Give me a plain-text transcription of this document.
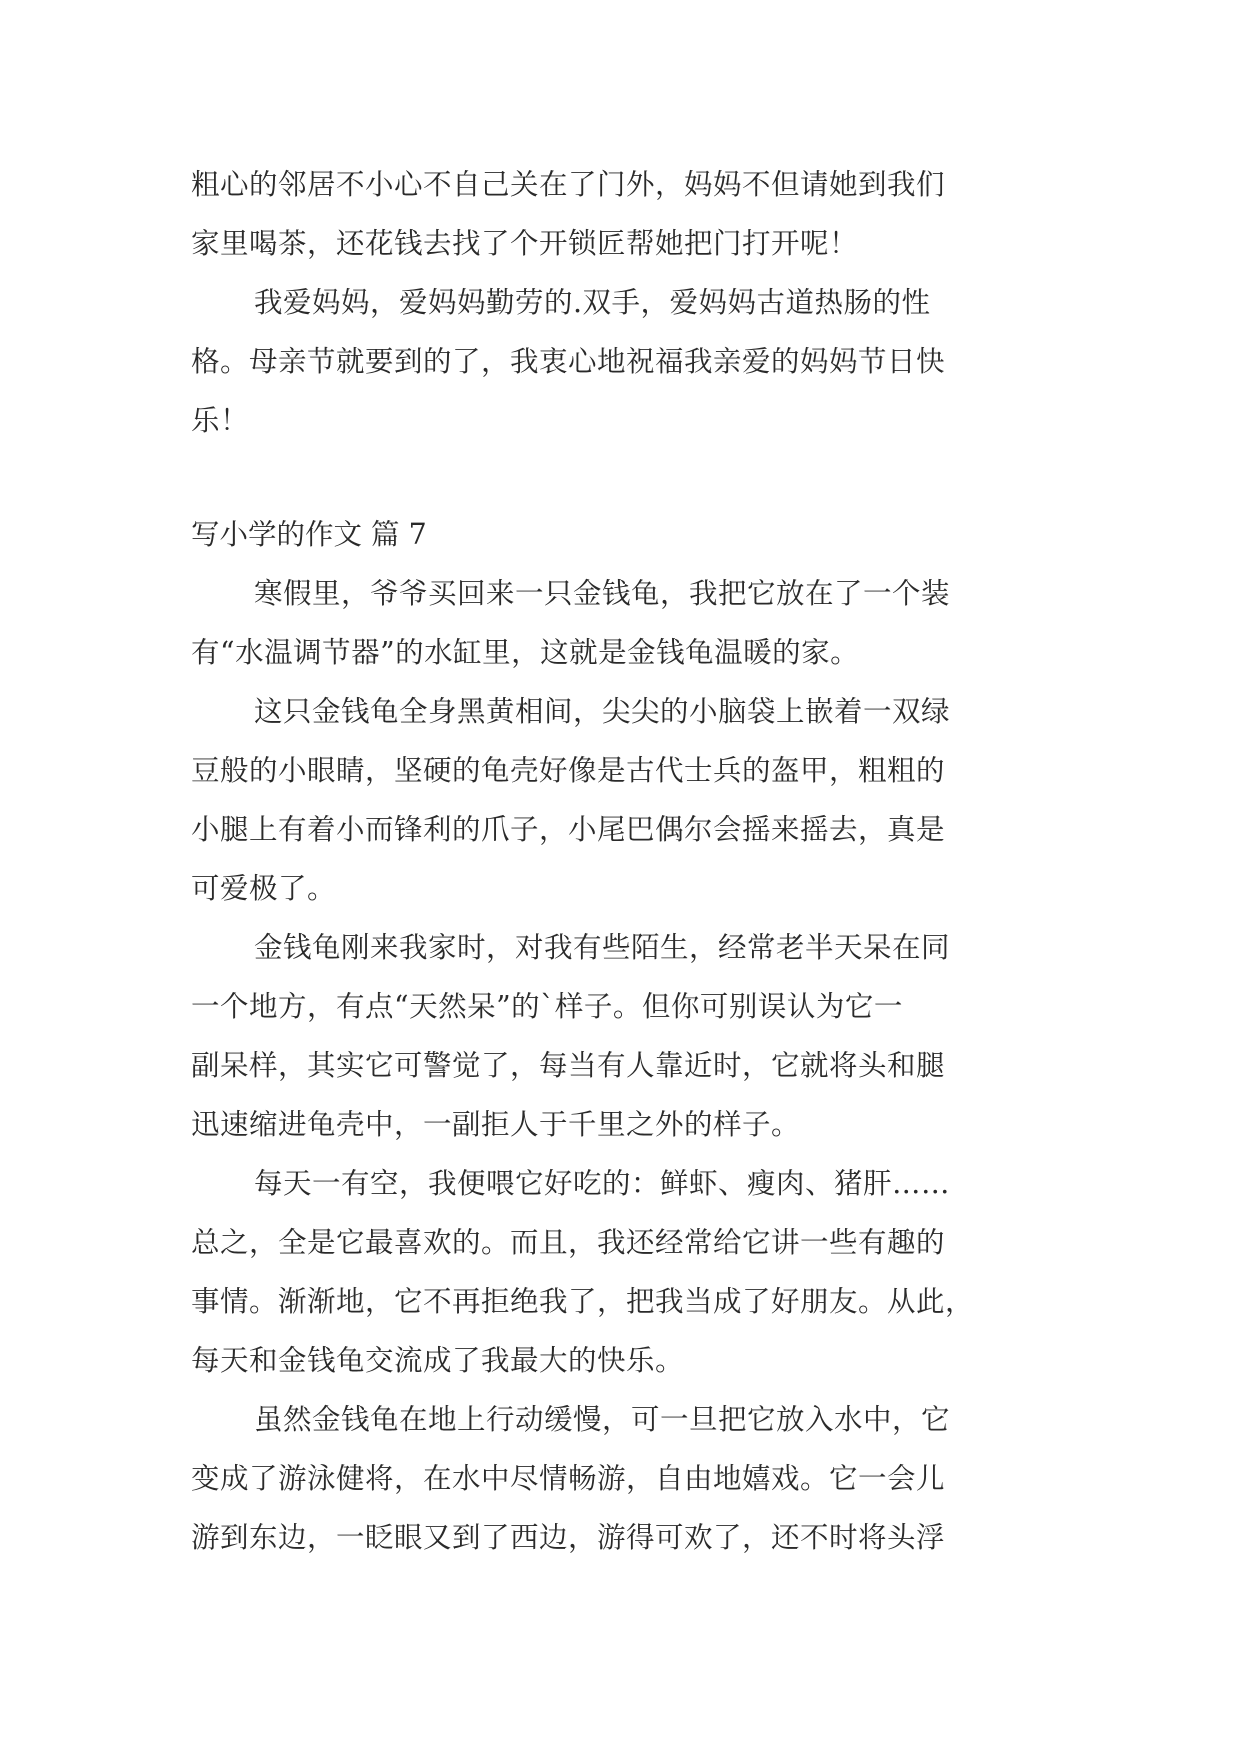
粗心的邻居不小心不自己关在了门外，妈妈不但请她到我们
家里喝茶，还花钱去找了个开锁匠帮她把门打开呢！
我爱妈妈，爱妈妈勤劳的.双手，爱妈妈古道热肠的性
格。母亲节就要到的了，我衷心地祝福我亲爱的妈妈节日快
乐！
写小学的作文 篇 7
寒假里，爷爷买回来一只金钱龟，我把它放在了一个装
有“水温调节器”的水缸里，这就是金钱龟温暖的家。
这只金钱龟全身黑黄相间，尖尖的小脑袋上嵌着一双绿
豆般的小眼睛，坚硬的龟壳好像是古代士兵的盔甲，粗粗的
小腿上有着小而锋利的爪子，小尾巴偶尔会摇来摇去，真是
可爱极了。
金钱龟刚来我家时，对我有些陌生，经常老半天呆在同
一个地方，有点“天然呆”的`样子。但你可别误认为它一
副呆样，其实它可警觉了，每当有人靠近时，它就将头和腿
迅速缩进龟壳中，一副拒人于千里之外的样子。
每天一有空，我便喂它好吃的：鲜虾、瘦肉、猪肝……
总之，全是它最喜欢的。而且，我还经常给它讲一些有趣的
事情。渐渐地，它不再拒绝我了，把我当成了好朋友。从此，
每天和金钱龟交流成了我最大的快乐。
虽然金钱龟在地上行动缓慢，可一旦把它放入水中，它
变成了游泳健将，在水中尽情畅游，自由地嬉戏。它一会儿
游到东边，一眨眼又到了西边，游得可欢了，还不时将头浮
